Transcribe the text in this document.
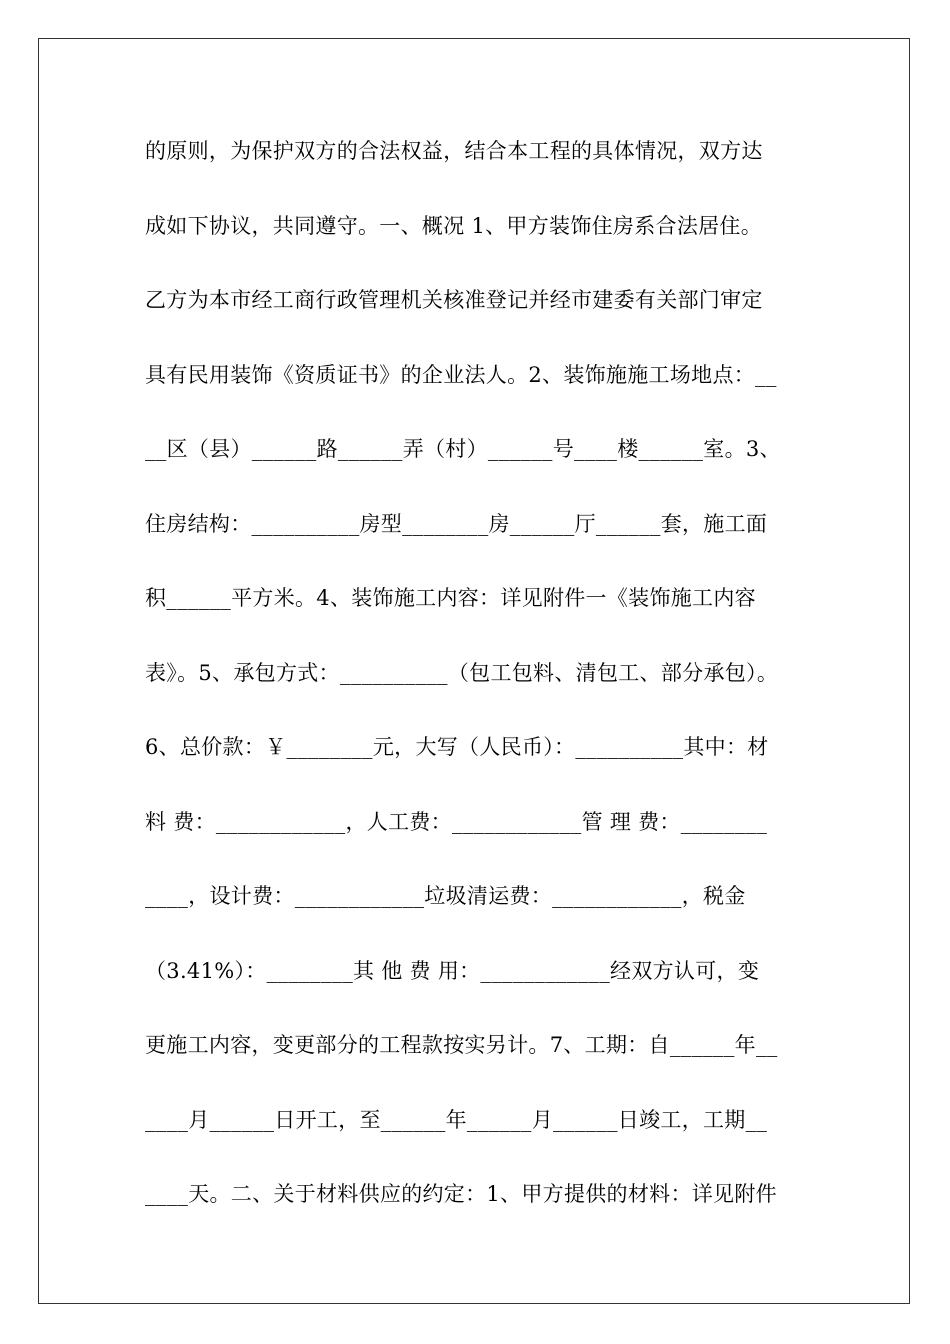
的原则，为保护双方的合法权益，结合本工程的具体情况，双方达
成如下协议，共同遵守。一、概况 1、甲方装饰住房系合法居住。
乙方为本市经工商行政管理机关核准登记并经市建委有关部门审定
具有民用装饰《资质证书》的企业法人。2、装饰施施工场地点：__
__区（县）______路______弄（村）______号____楼______室。3、
住房结构：__________房型________房______厅______套，施工面
积______平方米。4、装饰施工内容：详见附件一《装饰施工内容
表》。5、承包方式：__________（包工包料、清包工、部分承包）。
6、总价款：￥________元，大写（人民币）：__________其中：材
料 费：____________，人工费：____________管 理 费：________
____，设计费：____________垃圾清运费：____________，税金
（3.41%）：________其 他 费 用：____________经双方认可，变
更施工内容，变更部分的工程款按实另计。7、工期：自______年__
____月______日开工，至______年______月______日竣工，工期__
____天。二、关于材料供应的约定：1、甲方提供的材料：详见附件
